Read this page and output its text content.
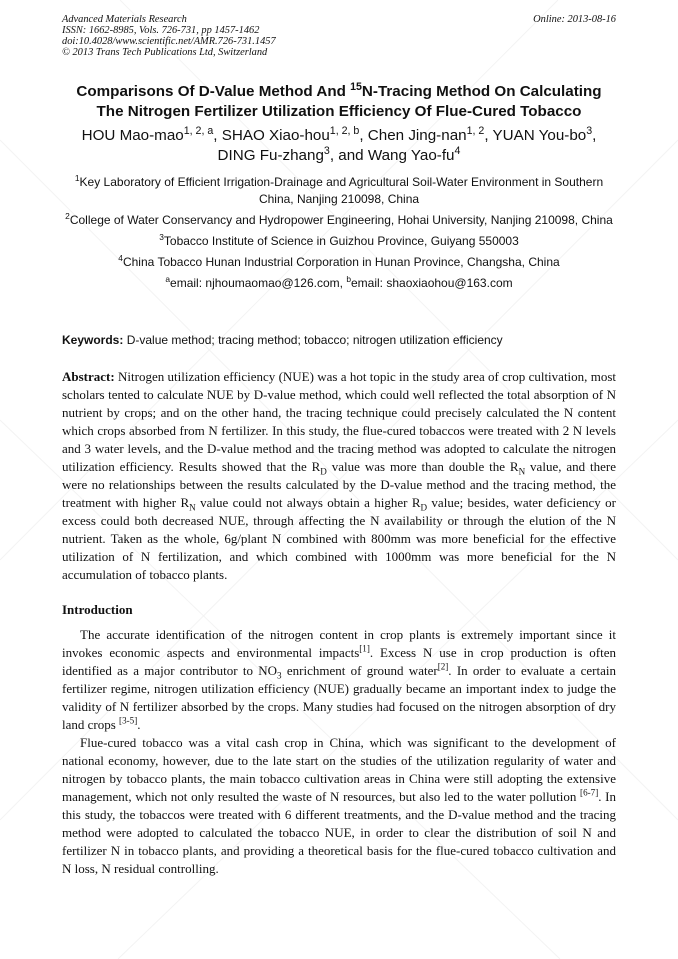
Advanced Materials Research
ISSN: 1662-8985, Vols. 726-731, pp 1457-1462
doi:10.4028/www.scientific.net/AMR.726-731.1457
© 2013 Trans Tech Publications Ltd, Switzerland
Online: 2013-08-16
Comparisons Of D-Value Method And $^{15}$N-Tracing Method On Calculating
The Nitrogen Fertilizer Utilization Efficiency Of Flue-Cured Tobacco
HOU Mao-mao$^{1, 2, a}$, SHAO Xiao-hou$^{1, 2, b}$, Chen Jing-nan$^{1, 2}$, YUAN You-$bo^3$,
DING Fu-zhang$^3$, and Wang Yao-$fu^4$

$^1$Key Laboratory of Efficient Irrigation-Drainage and Agricultural Soil-Water Environment in Southern China, Nanjing 210098, China

$^2$College of Water Conservancy and Hydropower Engineering, Hohai University, Nanjing 210098, China

$^3$Tobacco Institute of Science in Guizhou Province, Guiyang 550003

$^4$China Tobacco Hunan Industrial Corporation in Hunan Province, Changsha, China

$^a$email: njhoumaomao@126.com, $^b$email: shaoxiaohou@163.com

Keywords: D-value method; tracing method; tobacco; nitrogen utilization efficiency
Abstract: Nitrogen utilization efficiency (NUE) was a hot topic in the study area of crop cultivation, most scholars tented to calculate NUE by D-value method, which could well reflected the total absorption of N nutrient by crops; and on the other hand, the tracing technique could precisely calculated the N content which crops absorbed from N fertilizer. In this study, the flue-cured tobaccos were treated with 2 N levels and 3 water levels, and the D-value method and the tracing method was adopted to calculate the nitrogen utilization efficiency. Results showed that the $R_D$ value was more than double the $R_N$ value, and there were no relationships between the results calculated by the D-value method and the tracing method, the treatment with higher $R_N$ value could not always obtain a higher $R_D$ value; besides, water deficiency or excess could both decreased NUE, through affecting the N availability or through the elution of the N nutrient. Taken as the whole, 6g/plant N combined with 800mm was more beneficial for the effective utilization of N fertilization, and which combined with 1000mm was more beneficial for the N accumulation of tobacco plants.
Introduction

The accurate identification of the nitrogen content in crop plants is extremely important since it invokes economic aspects and environmental impacts[1]. Excess N use in crop production is often identified as a major contributor to $NO_3$ enrichment of ground water[2]. In order to evaluate a certain fertilizer regime, nitrogen utilization efficiency (NUE) gradually became an important index to judge the validity of N fertilizer absorbed by the crops. Many studies had focused on the nitrogen absorption of dry land crops [3-5].

Flue-cured tobacco was a vital cash crop in China, which was significant to the development of national economy, however, due to the late start on the studies of the utilization regularity of water and nitrogen by tobacco plants, the main tobacco cultivation areas in China were still adopting the extensive management, which not only resulted the waste of N resources, but also led to the water pollution [6-7]. In this study, the tobaccos were treated with 6 different treatments, and the D-value method and the tracing method were adopted to calculated the tobacco NUE, in order to clear the distribution of soil N and fertilizer N in tobacco plants, and providing a theoretical basis for the flue-cured tobacco cultivation and N loss, N residual controlling.
